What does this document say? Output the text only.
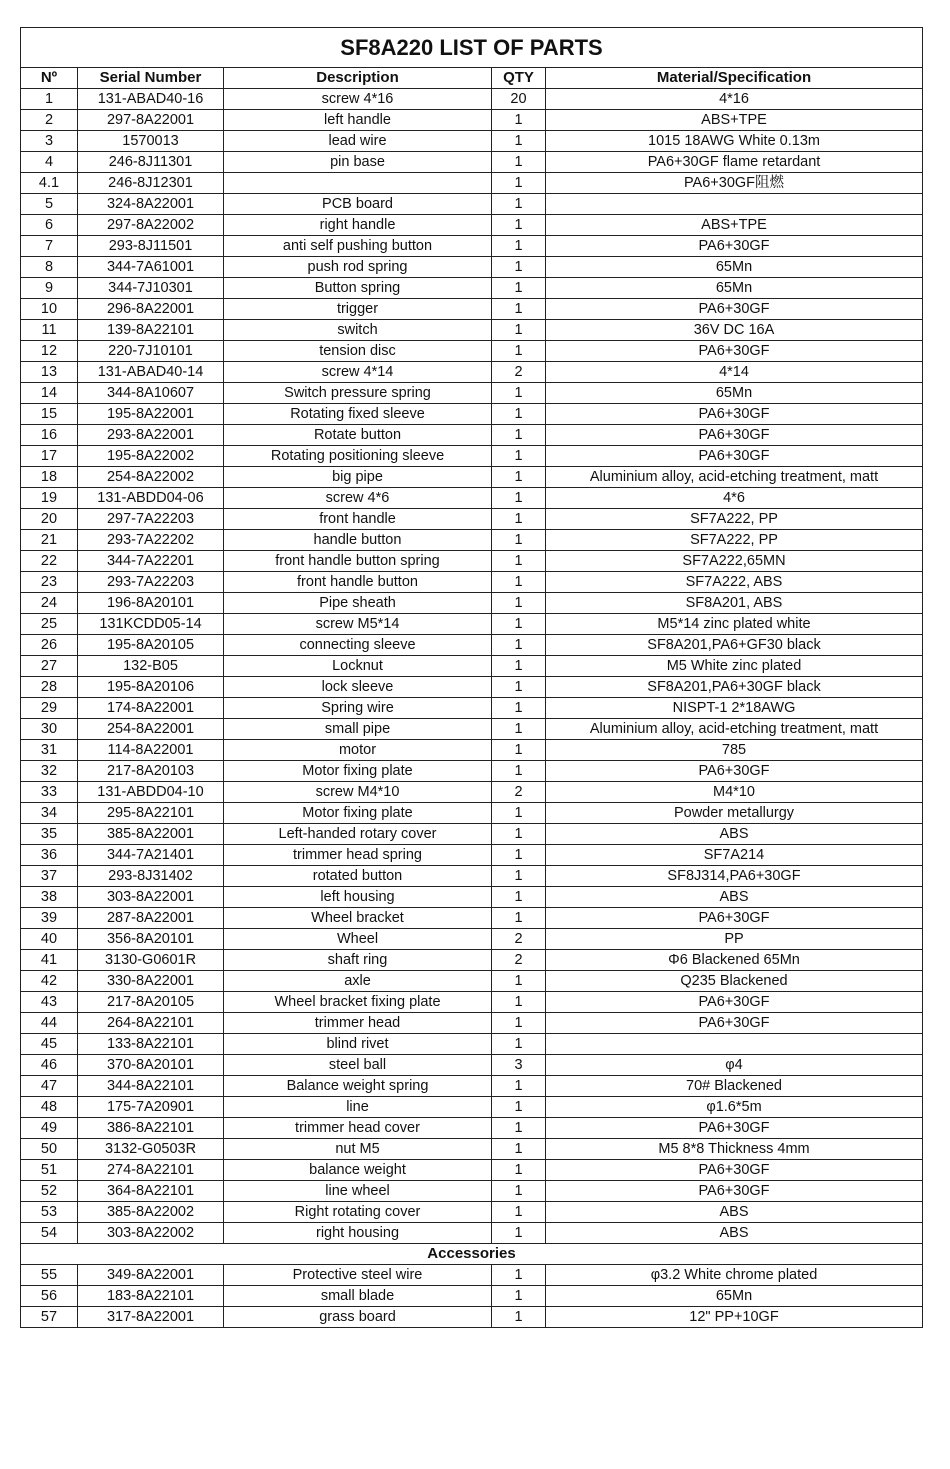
SF8A220 LIST OF PARTS				
Nº	Serial Number	Description	QTY	Material/Specification
1	131-ABAD40-16	screw 4*16	20	4*16
2	297-8A22001	left handle	1	ABS+TPE
3	1570013	lead wire	1	1015 18AWG White 0.13m
4	246-8J11301	pin base	1	PA6+30GF flame retardant
4.1	246-8J12301		1	PA6+30GF阻燃
5	324-8A22001	PCB board	1	
6	297-8A22002	right handle	1	ABS+TPE
7	293-8J11501	anti self pushing button	1	PA6+30GF
8	344-7A61001	push rod spring	1	65Mn
9	344-7J10301	Button spring	1	65Mn
10	296-8A22001	trigger	1	PA6+30GF
11	139-8A22101	switch	1	36V DC 16A
12	220-7J10101	tension disc	1	PA6+30GF
13	131-ABAD40-14	screw 4*14	2	4*14
14	344-8A10607	Switch pressure spring	1	65Mn
15	195-8A22001	Rotating fixed sleeve	1	PA6+30GF
16	293-8A22001	Rotate button	1	PA6+30GF
17	195-8A22002	Rotating positioning sleeve	1	PA6+30GF
18	254-8A22002	big pipe	1	Aluminium alloy, acid-etching treatment, matt
19	131-ABDD04-06	screw 4*6	1	4*6
20	297-7A22203	front handle	1	SF7A222, PP
21	293-7A22202	handle button	1	SF7A222, PP
22	344-7A22201	front handle button spring	1	SF7A222,65MN
23	293-7A22203	front handle button	1	SF7A222, ABS
24	196-8A20101	Pipe sheath	1	SF8A201, ABS
25	131KCDD05-14	screw M5*14	1	M5*14 zinc plated white
26	195-8A20105	connecting sleeve	1	SF8A201,PA6+GF30 black
27	132-B05	Locknut	1	M5 White zinc plated
28	195-8A20106	lock sleeve	1	SF8A201,PA6+30GF black
29	174-8A22001	Spring wire	1	NISPT-1 2*18AWG
30	254-8A22001	small pipe	1	Aluminium alloy, acid-etching treatment, matt
31	114-8A22001	motor	1	785
32	217-8A20103	Motor fixing plate	1	PA6+30GF
33	131-ABDD04-10	screw M4*10	2	M4*10
34	295-8A22101	Motor fixing plate	1	Powder metallurgy
35	385-8A22001	Left-handed rotary cover	1	ABS
36	344-7A21401	trimmer head spring	1	SF7A214
37	293-8J31402	rotated button	1	SF8J314,PA6+30GF
38	303-8A22001	left housing	1	ABS
39	287-8A22001	Wheel bracket	1	PA6+30GF
40	356-8A20101	Wheel	2	PP
41	3130-G0601R	shaft ring	2	Φ6 Blackened 65Mn
42	330-8A22001	axle	1	Q235 Blackened
43	217-8A20105	Wheel bracket fixing plate	1	PA6+30GF
44	264-8A22101	trimmer head	1	PA6+30GF
45	133-8A22101	blind rivet	1	
46	370-8A20101	steel ball	3	φ4
47	344-8A22101	Balance weight spring	1	70# Blackened
48	175-7A20901	line	1	φ1.6*5m
49	386-8A22101	trimmer head cover	1	PA6+30GF
50	3132-G0503R	nut M5	1	M5 8*8 Thickness 4mm
51	274-8A22101	balance weight	1	PA6+30GF
52	364-8A22101	line wheel	1	PA6+30GF
53	385-8A22002	Right rotating cover	1	ABS
54	303-8A22002	right housing	1	ABS
Accessories				
55	349-8A22001	Protective steel wire	1	φ3.2 White chrome plated
56	183-8A22101	small blade	1	65Mn
57	317-8A22001	grass board	1	12" PP+10GF
